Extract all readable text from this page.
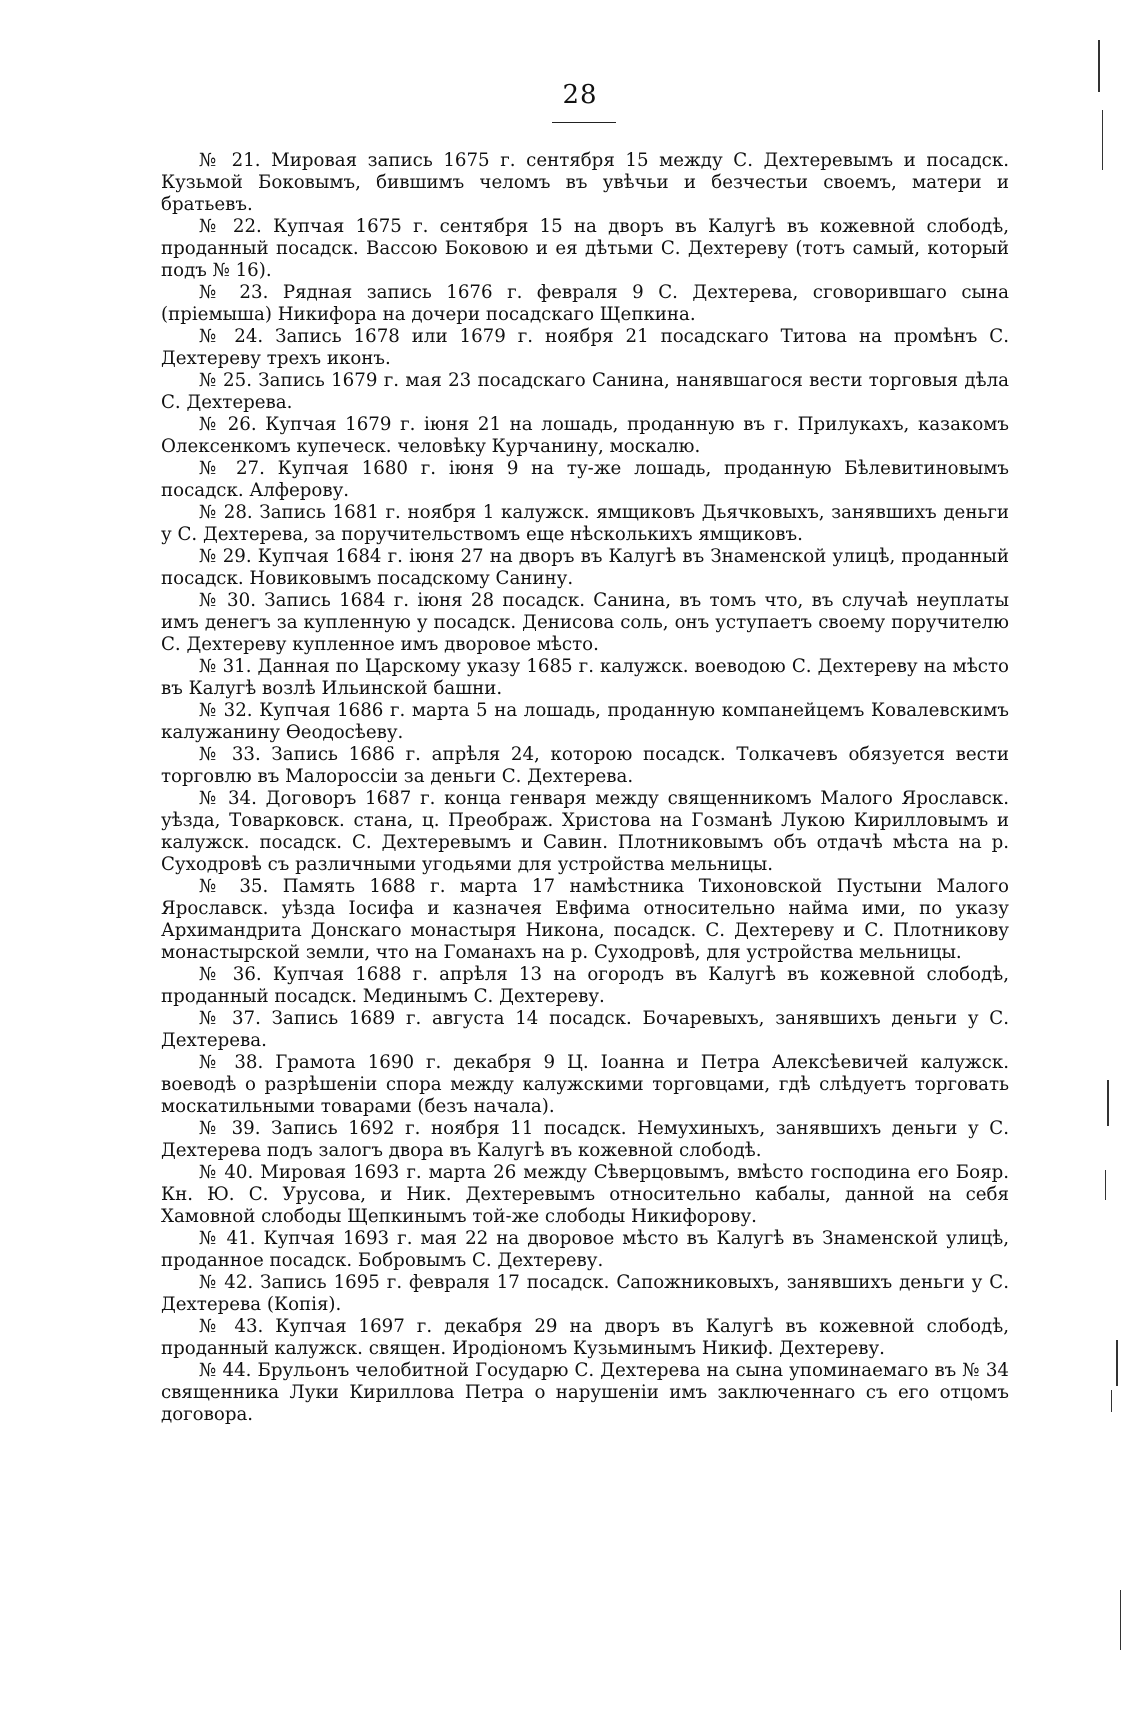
28

№ 21. Мировая запись 1675 г. сентября 15 между С. Дехтеревымъ и посадск. Кузьмой Боковымъ, бившимъ челомъ въ увѣчьи и безчестьи своемъ, матери и братьевъ.

№ 22. Купчая 1675 г. сентября 15 на дворъ въ Калугѣ въ кожевной слободѣ, проданный посадск. Вассою Боковою и ея дѣтьми С. Дехтереву (тотъ самый, который подъ № 16).

№ 23. Рядная запись 1676 г. февраля 9 С. Дехтерева, сговорившаго сына (пріемыша) Никифора на дочери посадскаго Щепкина.

№ 24. Запись 1678 или 1679 г. ноября 21 посадскаго Титова на промѣнъ С. Дехтереву трехъ иконъ.

№ 25. Запись 1679 г. мая 23 посадскаго Санина, нанявшагося вести торговыя дѣла С. Дехтерева.

№ 26. Купчая 1679 г. іюня 21 на лошадь, проданную въ г. Прилукахъ, казакомъ Олексенкомъ купеческ. человѣку Курчанину, москалю.

№ 27. Купчая 1680 г. іюня 9 на ту-же лошадь, проданную Бѣлевитиновымъ посадск. Алферову.

№ 28. Запись 1681 г. ноября 1 калужск. ямщиковъ Дьячковыхъ, занявшихъ деньги у С. Дехтерева, за поручительствомъ еще нѣсколькихъ ямщиковъ.

№ 29. Купчая 1684 г. іюня 27 на дворъ въ Калугѣ въ Знаменской улицѣ, проданный посадск. Новиковымъ посадскому Санину.

№ 30. Запись 1684 г. іюня 28 посадск. Санина, въ томъ что, въ случаѣ неуплаты имъ денегъ за купленную у посадск. Денисова соль, онъ уступаетъ своему поручителю С. Дехтереву купленное имъ дворовое мѣсто.

№ 31. Данная по Царскому указу 1685 г. калужск. воеводою С. Дехтереву на мѣсто въ Калугѣ возлѣ Ильинской башни.

№ 32. Купчая 1686 г. марта 5 на лошадь, проданную компанейцемъ Ковалевскимъ калужанину Ѳеодосѣеву.

№ 33. Запись 1686 г. апрѣля 24, которою посадск. Толкачевъ обязуется вести торговлю въ Малороссіи за деньги С. Дехтерева.

№ 34. Договоръ 1687 г. конца генваря между священникомъ Малого Ярославск. уѣзда, Товарковск. стана, ц. Преображ. Христова на Гозманѣ Лукою Кирилловымъ и калужск. посадск. С. Дехтеревымъ и Савин. Плотниковымъ объ отдачѣ мѣста на р. Суходровѣ съ различными угодьями для устройства мельницы.

№ 35. Память 1688 г. марта 17 намѣстника Тихоновской Пустыни Малого Ярославск. уѣзда Іосифа и казначея Евфима относительно найма ими, по указу Архимандрита Донскаго монастыря Никона, посадск. С. Дехтереву и С. Плотникову монастырской земли, что на Гоманахъ на р. Суходровѣ, для устройства мельницы.

№ 36. Купчая 1688 г. апрѣля 13 на огородъ въ Калугѣ въ кожевной слободѣ, проданный посадск. Мединымъ С. Дехтереву.

№ 37. Запись 1689 г. августа 14 посадск. Бочаревыхъ, занявшихъ деньги у С. Дехтерева.

№ 38. Грамота 1690 г. декабря 9 Ц. Іоанна и Петра Алексѣевичей калужск. воеводѣ о разрѣшеніи спора между калужскими торговцами, гдѣ слѣдуетъ торговать москатильными товарами (безъ начала).

№ 39. Запись 1692 г. ноября 11 посадск. Немухиныхъ, занявшихъ деньги у С. Дехтерева подъ залогъ двора въ Калугѣ въ кожевной слободѣ.

№ 40. Мировая 1693 г. марта 26 между Сѣверцовымъ, вмѣсто господина его Бояр. Кн. Ю. С. Урусова, и Ник. Дехтеревымъ относительно кабалы, данной на себя Хамовной слободы Щепкинымъ той-же слободы Никифорову.

№ 41. Купчая 1693 г. мая 22 на дворовое мѣсто въ Калугѣ въ Знаменской улицѣ, проданное посадск. Бобровымъ С. Дехтереву.

№ 42. Запись 1695 г. февраля 17 посадск. Сапожниковыхъ, занявшихъ деньги у С. Дехтерева (Копія).

№ 43. Купчая 1697 г. декабря 29 на дворъ въ Калугѣ въ кожевной слободѣ, проданный калужск. священ. Иродіономъ Кузьминымъ Никиф. Дехтереву.

№ 44. Брульонъ челобитной Государю С. Дехтерева на сына упоминаемаго въ № 34 священника Луки Кириллова Петра о нарушеніи имъ заключеннаго съ его отцомъ договора.
